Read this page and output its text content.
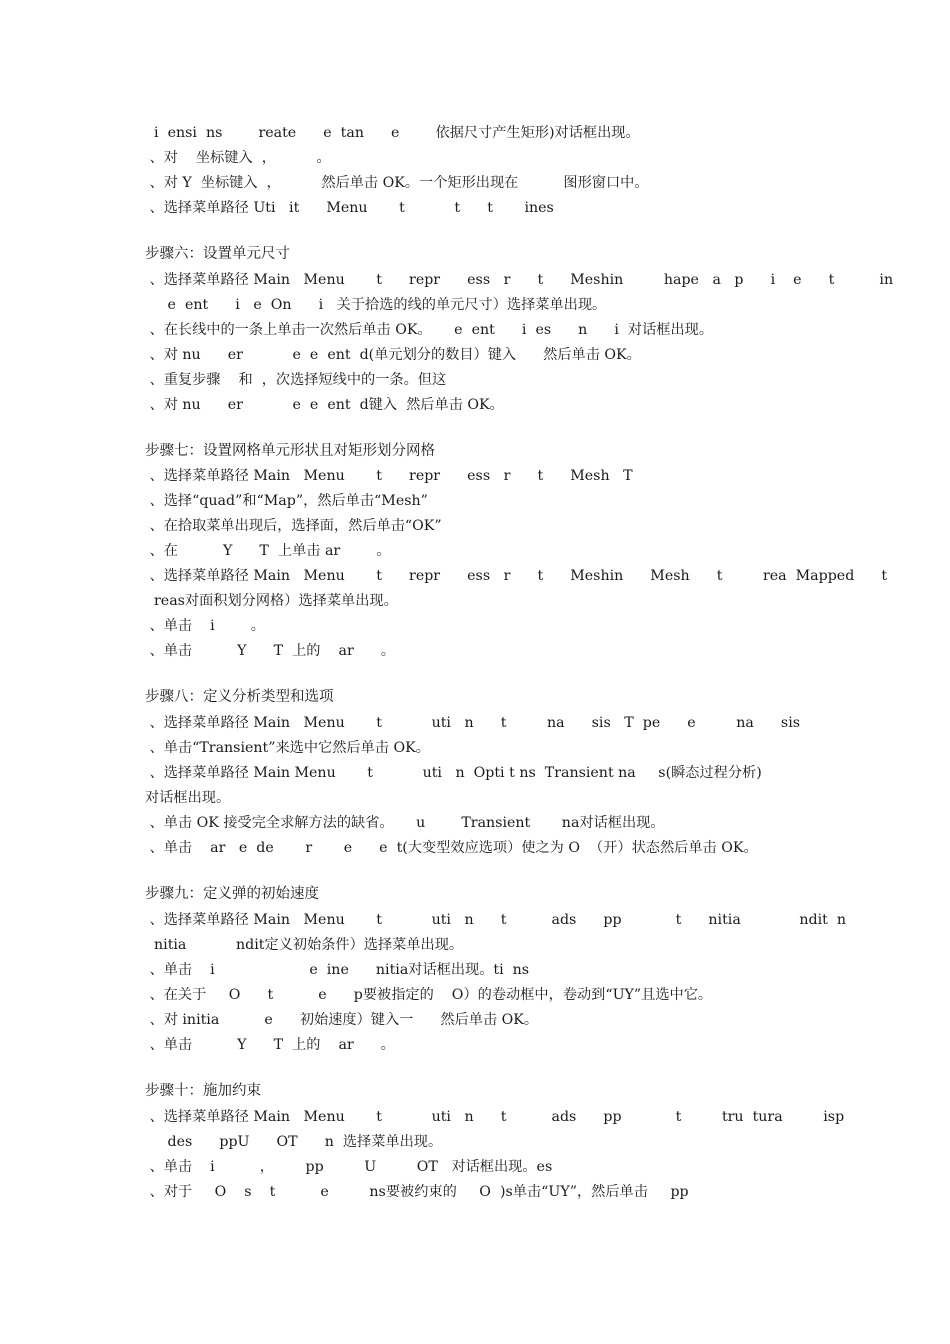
i  ensi  ns        reate      e  tan      e        依据尺寸产生矩形)对话框出现。
、对    坐标键入  ，         。
、对 Y  坐标键入  ，         然后单击 OK。一个矩形出现在          图形窗口中。
、选择菜单路径 Uti   it      Menu       t           t      t       ines
步骤六：设置单元尺寸
、选择菜单路径 Main   Menu       t      repr      ess   r      t      Meshin         hape   a   p      i    e      t          in
e  ent      i   e  On      i   关于拾选的线的单元尺寸）选择菜单出现。
、在长线中的一条上单击一次然后单击 OK。     e  ent      i  es      n      i  对话框出现。
、对 nu      er           e  e  ent  d(单元划分的数目）键入      然后单击 OK。
、重复步骤    和  ，次选择短线中的一条。但这
、对 nu      er           e  e  ent  d键入  然后单击 OK。
步骤七：设置网格单元形状且对矩形划分网格
、选择菜单路径 Main   Menu       t      repr      ess   r      t      Mesh   T
、选择“quad”和“Map”，然后单击“Mesh”
、在拾取菜单出现后，选择面，然后单击“OK”
、在          Y      T  上单击 ar        。
、选择菜单路径 Main   Menu       t      repr      ess   r      t      Meshin      Mesh      t         rea  Mapped      t
reas对面积划分网格）选择菜单出现。
、单击    i        。
、单击          Y      T  上的    ar      。
步骤八：定义分析类型和选项
、选择菜单路径 Main   Menu       t           uti   n      t         na      sis   T  pe      e         na      sis
、单击“Transient”来选中它然后单击 OK。
、选择菜单路径 Main Menu       t           uti   n  Opti t ns  Transient na     s(瞬态过程分析)
对话框出现。
、单击 OK 接受完全求解方法的缺省。     u        Transient       na对话框出现。
、单击    ar   e  de       r       e      e  t(大变型效应选项）使之为 O  （开）状态然后单击 OK。
步骤九：定义弹的初始速度
、选择菜单路径 Main   Menu       t           uti   n      t          ads      pp            t      nitia             ndit  n
nitia           ndit定义初始条件）选择菜单出现。
、单击    i                     e  ine      nitia对话框出现。ti  ns
、在关于     O      t          e      p要被指定的    O）的卷动框中，卷动到“UY”且选中它。
、对 initia          e      初始速度）键入一      然后单击 OK。
、单击          Y      T  上的    ar      。
步骤十：施加约束
、选择菜单路径 Main   Menu       t           uti   n      t          ads      pp            t         tru  tura         isp
des      ppU      OT      n  选择菜单出现。
、单击    i          ，       pp         U         OT   对话框出现。es
、对于     O    s    t          e         ns要被约束的     O  )s单击“UY”，然后单击     pp
